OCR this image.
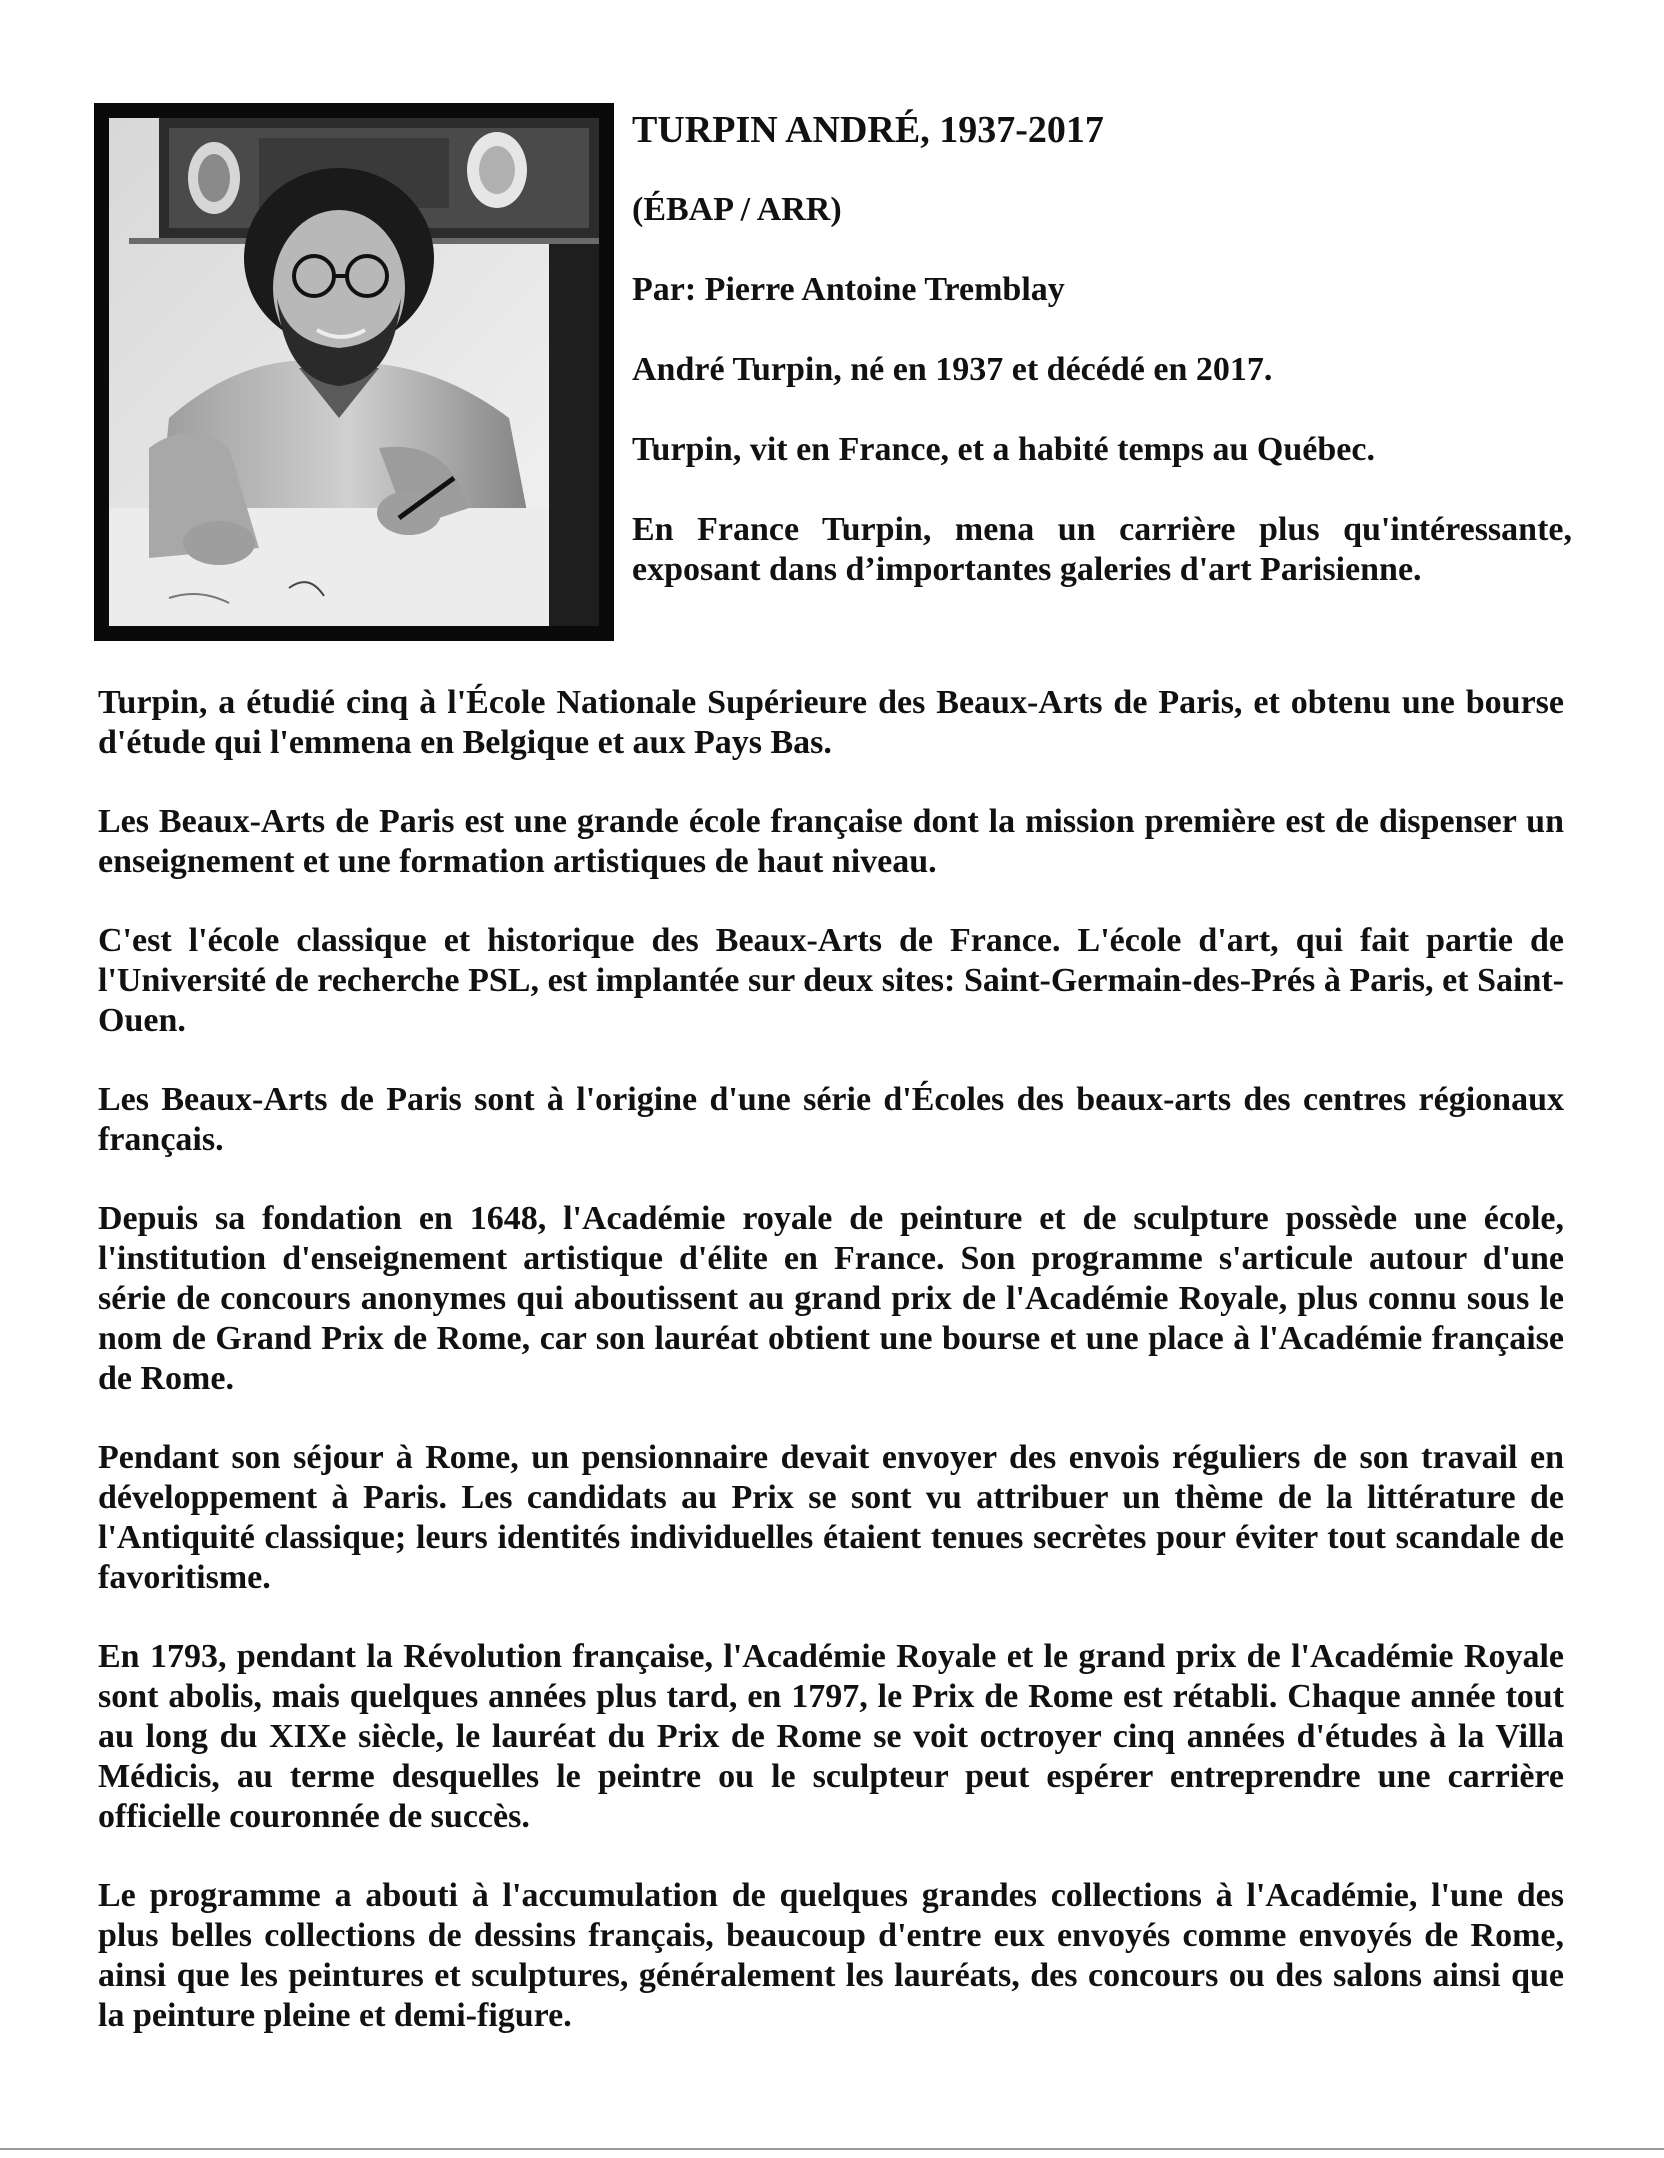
TURPIN ANDRÉ, 1937-2017
(ÉBAP / ARR)
Par: Pierre Antoine Tremblay
André Turpin, né en 1937 et décédé en 2017.
Turpin, vit en France, et a habité temps au Québec.

En France Turpin, mena un carrière plus qu'intéressante, exposant dans d’importantes galeries d'art Parisienne.

Turpin, a étudié cinq à l'École Nationale Supérieure des Beaux-Arts de Paris, et obtenu une bourse d'étude qui l'emmena en Belgique et aux Pays Bas.

Les Beaux-Arts de Paris est une grande école française dont la mission première est de dispenser un enseignement et une formation artistiques de haut niveau.

C'est l'école classique et historique des Beaux-Arts de France. L'école d'art, qui fait partie de l'Université de recherche PSL, est implantée sur deux sites: Saint-Germain-des-Prés à Paris, et Saint-Ouen.

Les Beaux-Arts de Paris sont à l'origine d'une série d'Écoles des beaux-arts des centres régionaux français.

Depuis sa fondation en 1648, l'Académie royale de peinture et de sculpture possède une école, l'institution d'enseignement artistique d'élite en France. Son programme s'articule autour d'une série de concours anonymes qui aboutissent au grand prix de l'Académie Royale, plus connu sous le nom de Grand Prix de Rome, car son lauréat obtient une bourse et une place à l'Académie française de Rome.

Pendant son séjour à Rome, un pensionnaire devait envoyer des envois réguliers de son travail en développement à Paris. Les candidats au Prix se sont vu attribuer un thème de la littérature de l'Antiquité classique; leurs identités individuelles étaient tenues secrètes pour éviter tout scandale de favoritisme.

En 1793, pendant la Révolution française, l'Académie Royale et le grand prix de l'Académie Royale sont abolis, mais quelques années plus tard, en 1797, le Prix de Rome est rétabli. Chaque année tout au long du XIXe siècle, le lauréat du Prix de Rome se voit octroyer cinq années d'études à la Villa Médicis, au terme desquelles le peintre ou le sculpteur peut espérer entreprendre une carrière officielle couronnée de succès.

Le programme a abouti à l'accumulation de quelques grandes collections à l'Académie, l'une des plus belles collections de dessins français, beaucoup d'entre eux envoyés comme envoyés de Rome, ainsi que les peintures et sculptures, généralement les lauréats, des concours ou des salons ainsi que la peinture pleine et demi-figure.
